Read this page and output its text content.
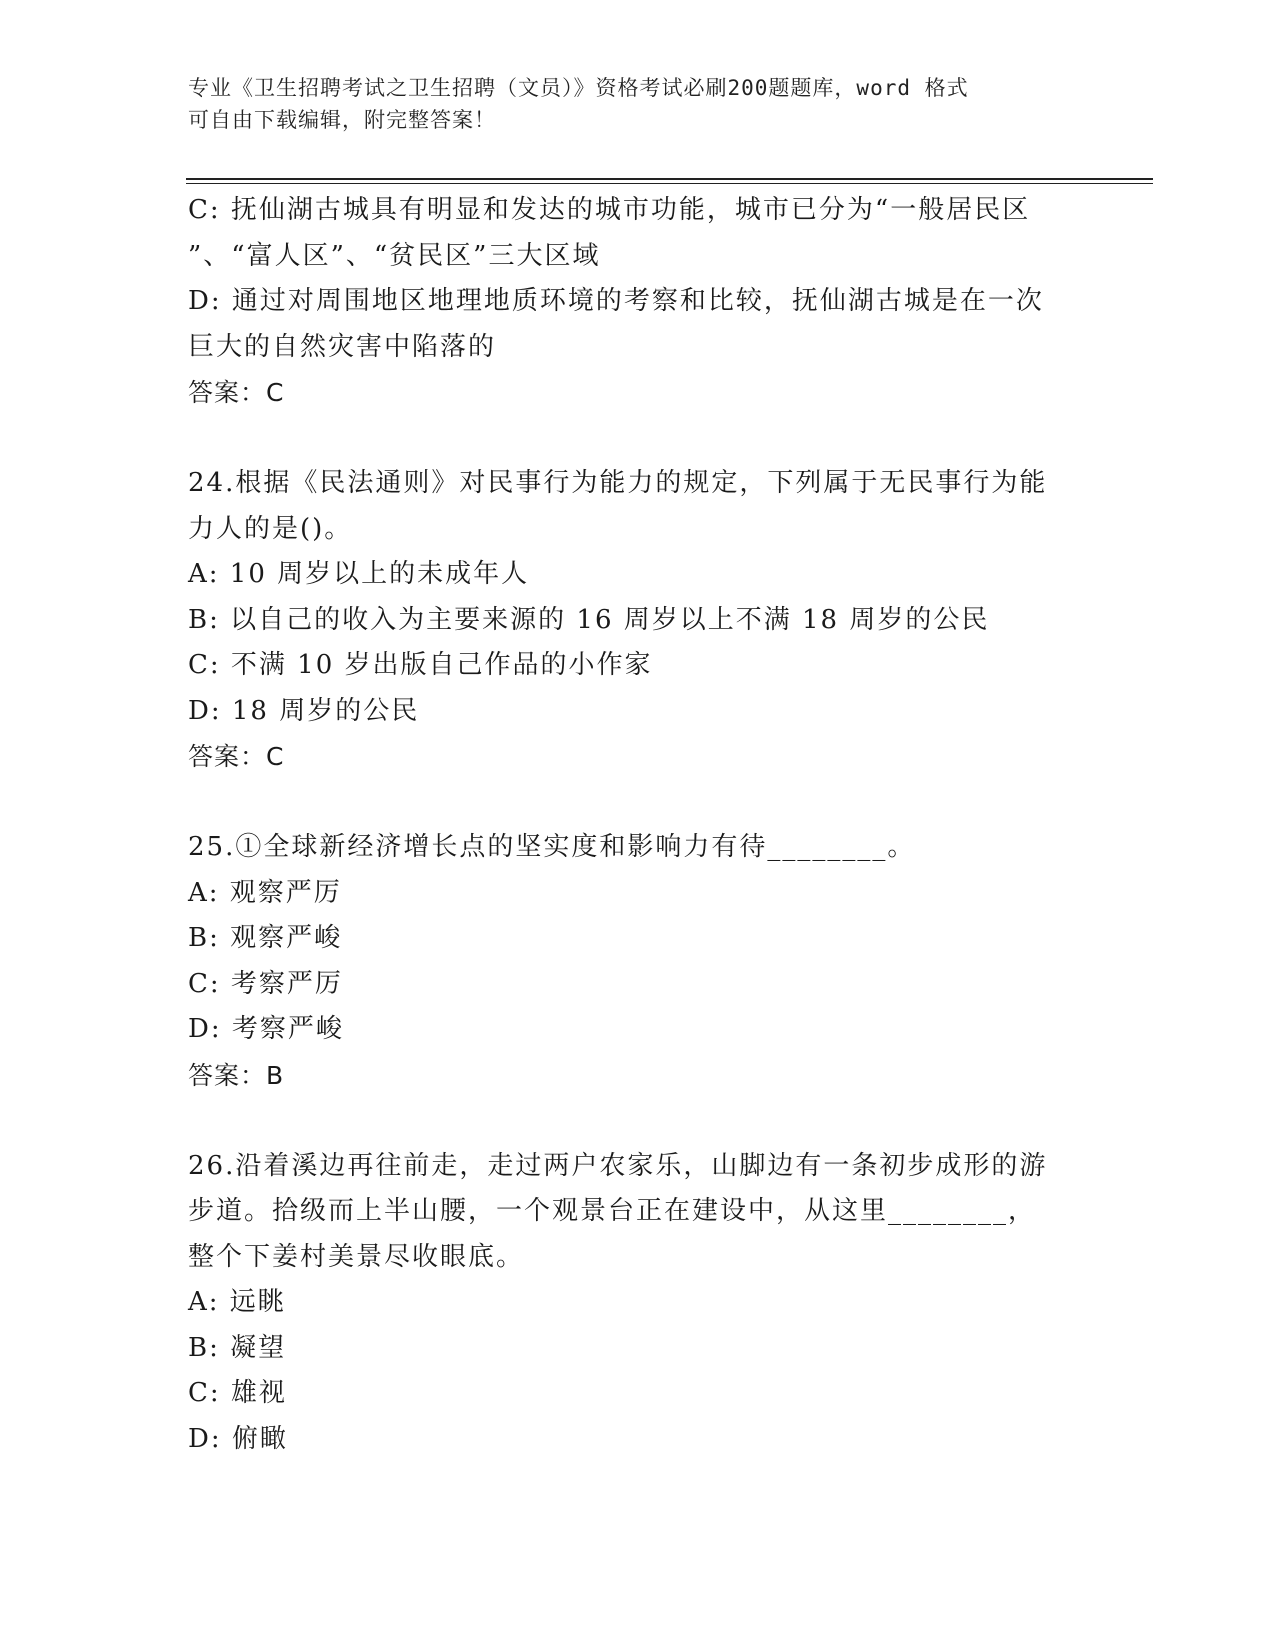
专业《卫生招聘考试之卫生招聘（文员）》资格考试必刷200题题库，word 格式
可自由下载编辑，附完整答案！
C: 抚仙湖古城具有明显和发达的城市功能，城市已分为“一般居民区
”、“富人区”、“贫民区”三大区域
D: 通过对周围地区地理地质环境的考察和比较，抚仙湖古城是在一次
巨大的自然灾害中陷落的
答案：C
24.根据《民法通则》对民事行为能力的规定，下列属于无民事行为能
力人的是()。
A: 10 周岁以上的未成年人
B: 以自己的收入为主要来源的 16 周岁以上不满 18 周岁的公民
C: 不满 10 岁出版自己作品的小作家
D: 18 周岁的公民
答案：C
25.①全球新经济增长点的坚实度和影响力有待________。
A: 观察严厉
B: 观察严峻
C: 考察严厉
D: 考察严峻
答案：B
26.沿着溪边再往前走，走过两户农家乐，山脚边有一条初步成形的游
步道。拾级而上半山腰，一个观景台正在建设中，从这里________，
整个下姜村美景尽收眼底。
A: 远眺
B: 凝望
C: 雄视
D: 俯瞰
